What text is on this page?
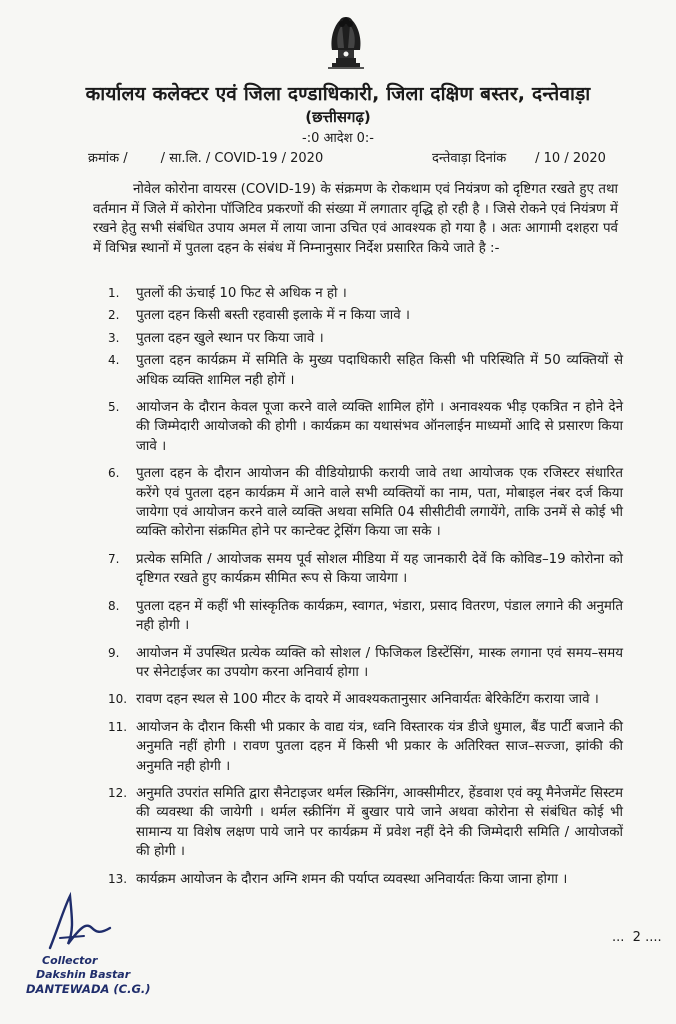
कार्यालय कलेक्टर एवं जिला दण्डाधिकारी, जिला दक्षिण बस्तर, दन्तेवाड़ा
(छत्तीसगढ़)
-:0 आदेश 0:-
क्रमांक /        / सा.लि. / COVID-19 / 2020	दन्तेवाड़ा दिनांक       / 10 / 2020

नोवेल कोरोना वायरस (COVID-19) के संक्रमण के रोकथाम एवं नियंत्रण को दृष्टिगत रखते हुए तथा वर्तमान में जिले में कोरोना पॉजिटिव प्रकरणों की संख्या में लगातार वृद्धि हो रही है । जिसे रोकने एवं नियंत्रण में रखने हेतु सभी संबंधित उपाय अमल में लाया जाना उचित एवं आवश्यक हो गया है । अतः आगामी दशहरा पर्व में विभिन्न स्थानों में पुतला दहन के संबंध में निम्नानुसार निर्देश प्रसारित किये जाते है :-

1. पुतलों की ऊंचाई 10 फिट से अधिक न हो ।
2. पुतला दहन किसी बस्ती रहवासी इलाके में न किया जावे ।
3. पुतला दहन खुले स्थान पर किया जावे ।
4. पुतला दहन कार्यक्रम में समिति के मुख्य पदाधिकारी सहित किसी भी परिस्थिति में 50 व्यक्तियों से अधिक व्यक्ति शामिल नही होगें ।
5. आयोजन के दौरान केवल पूजा करने वाले व्यक्ति शामिल होंगे । अनावश्यक भीड़ एकत्रित न होने देने की जिम्मेदारी आयोजको की होगी । कार्यक्रम का यथासंभव ऑनलाईन माध्यमों आदि से प्रसारण किया जावे ।
6. पुतला दहन के दौरान आयोजन की वीडियोग्राफी करायी जावे तथा आयोजक एक रजिस्टर संधारित करेंगे एवं पुतला दहन कार्यक्रम में आने वाले सभी व्यक्तियों का नाम, पता, मोबाइल नंबर दर्ज किया जायेगा एवं आयोजन करने वाले व्यक्ति अथवा समिति 04 सीसीटीवी लगायेंगे, ताकि उनमें से कोई भी व्यक्ति कोरोना संक्रमित होने पर कान्टेक्ट ट्रेसिंग किया जा सके ।
7. प्रत्येक समिति / आयोजक समय पूर्व सोशल मीडिया में यह जानकारी देवें कि कोविड–19 कोरोना को दृष्टिगत रखते हुए कार्यक्रम सीमित रूप से किया जायेगा ।
8. पुतला दहन में कहीं भी सांस्कृतिक कार्यक्रम, स्वागत, भंडारा, प्रसाद वितरण, पंडाल लगाने की अनुमति नही होगी ।
9. आयोजन में उपस्थित प्रत्येक व्यक्ति को सोशल / फिजिकल डिस्टेंसिंग, मास्क लगाना एवं समय–समय पर सेनेटाईजर का उपयोग करना अनिवार्य होगा ।
10. रावण दहन स्थल से 100 मीटर के दायरे में आवश्यकतानुसार अनिवार्यतः बेरिकेटिंग कराया जावे ।
11. आयोजन के दौरान किसी भी प्रकार के वाद्य यंत्र, ध्वनि विस्तारक यंत्र डीजे धुमाल, बैंड पार्टी बजाने की अनुमति नहीं होगी । रावण पुतला दहन में किसी भी प्रकार के अतिरिक्त साज–सज्जा, झांकी की अनुमति नही होगी ।
12. अनुमति उपरांत समिति द्वारा सैनेटाइजर थर्मल स्क्रिनिंग, आक्सीमीटर, हेंडवाश एवं क्यू मैनेजमेंट सिस्टम की व्यवस्था की जायेगी । थर्मल स्क्रीनिंग में बुखार पाये जाने अथवा कोरोना से संबंधित कोई भी सामान्य या विशेष लक्षण पाये जाने पर कार्यक्रम में प्रवेश नहीं देने की जिम्मेदारी समिति / आयोजकों की होगी ।
13. कार्यक्रम आयोजन के दौरान अग्नि शमन की पर्याप्त व्यवस्था अनिवार्यतः किया जाना होगा ।
Collector
Dakshin Bastar
DANTEWADA (C.G.)
...  2 ....
